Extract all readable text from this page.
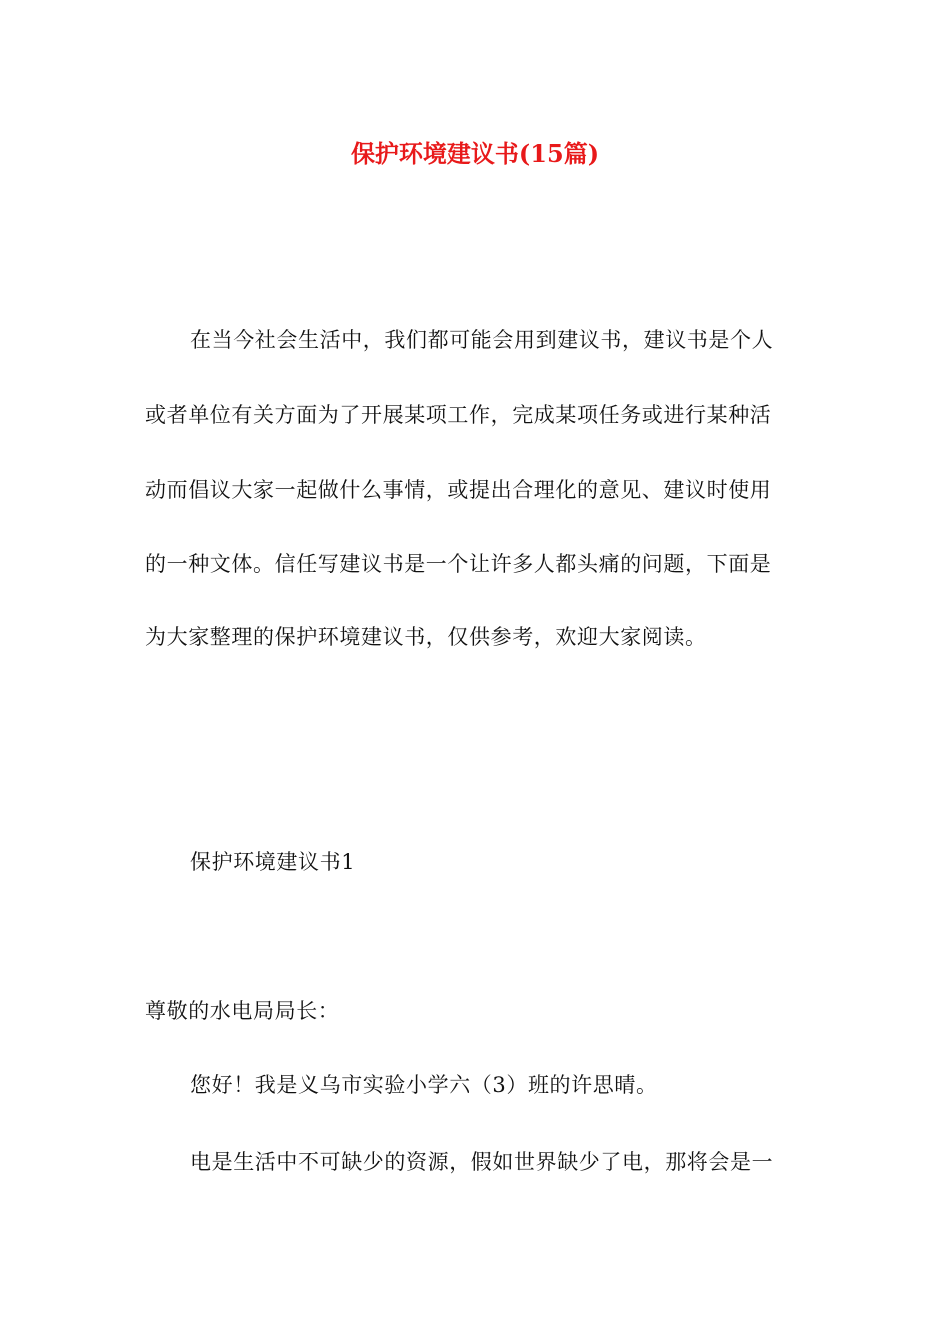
保护环境建议书(15篇)
在当今社会生活中，我们都可能会用到建议书，建议书是个人
或者单位有关方面为了开展某项工作，完成某项任务或进行某种活
动而倡议大家一起做什么事情，或提出合理化的意见、建议时使用
的一种文体。信任写建议书是一个让许多人都头痛的问题，下面是
为大家整理的保护环境建议书，仅供参考，欢迎大家阅读。
保护环境建议书1
尊敬的水电局局长：
您好！我是义乌市实验小学六（3）班的许思晴。
电是生活中不可缺少的资源，假如世界缺少了电，那将会是一
